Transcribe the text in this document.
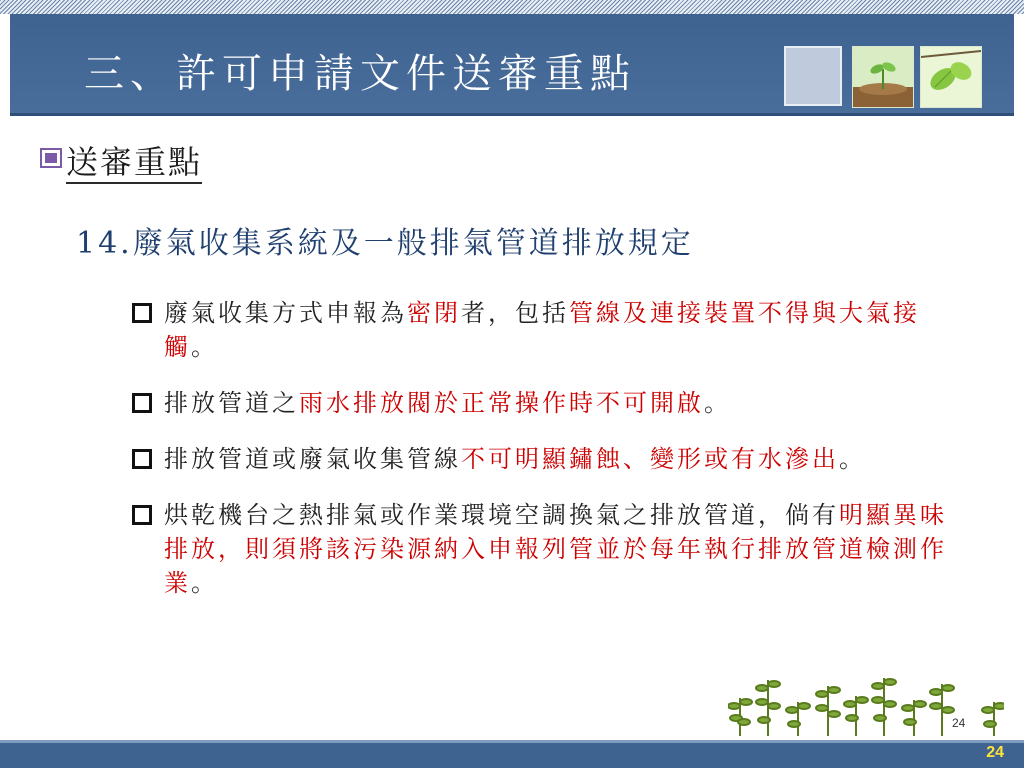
三、許可申請文件送審重點
送審重點
14.廢氣收集系統及一般排氣管道排放規定
廢氣收集方式申報為密閉者，包括管線及連接裝置不得與大氣接觸。
排放管道之雨水排放閥於正常操作時不可開啟。
排放管道或廢氣收集管線不可明顯鏽蝕、變形或有水滲出。
烘乾機台之熱排氣或作業環境空調換氣之排放管道，倘有明顯異味排放，則須將該污染源納入申報列管並於每年執行排放管道檢測作業。
24
24
